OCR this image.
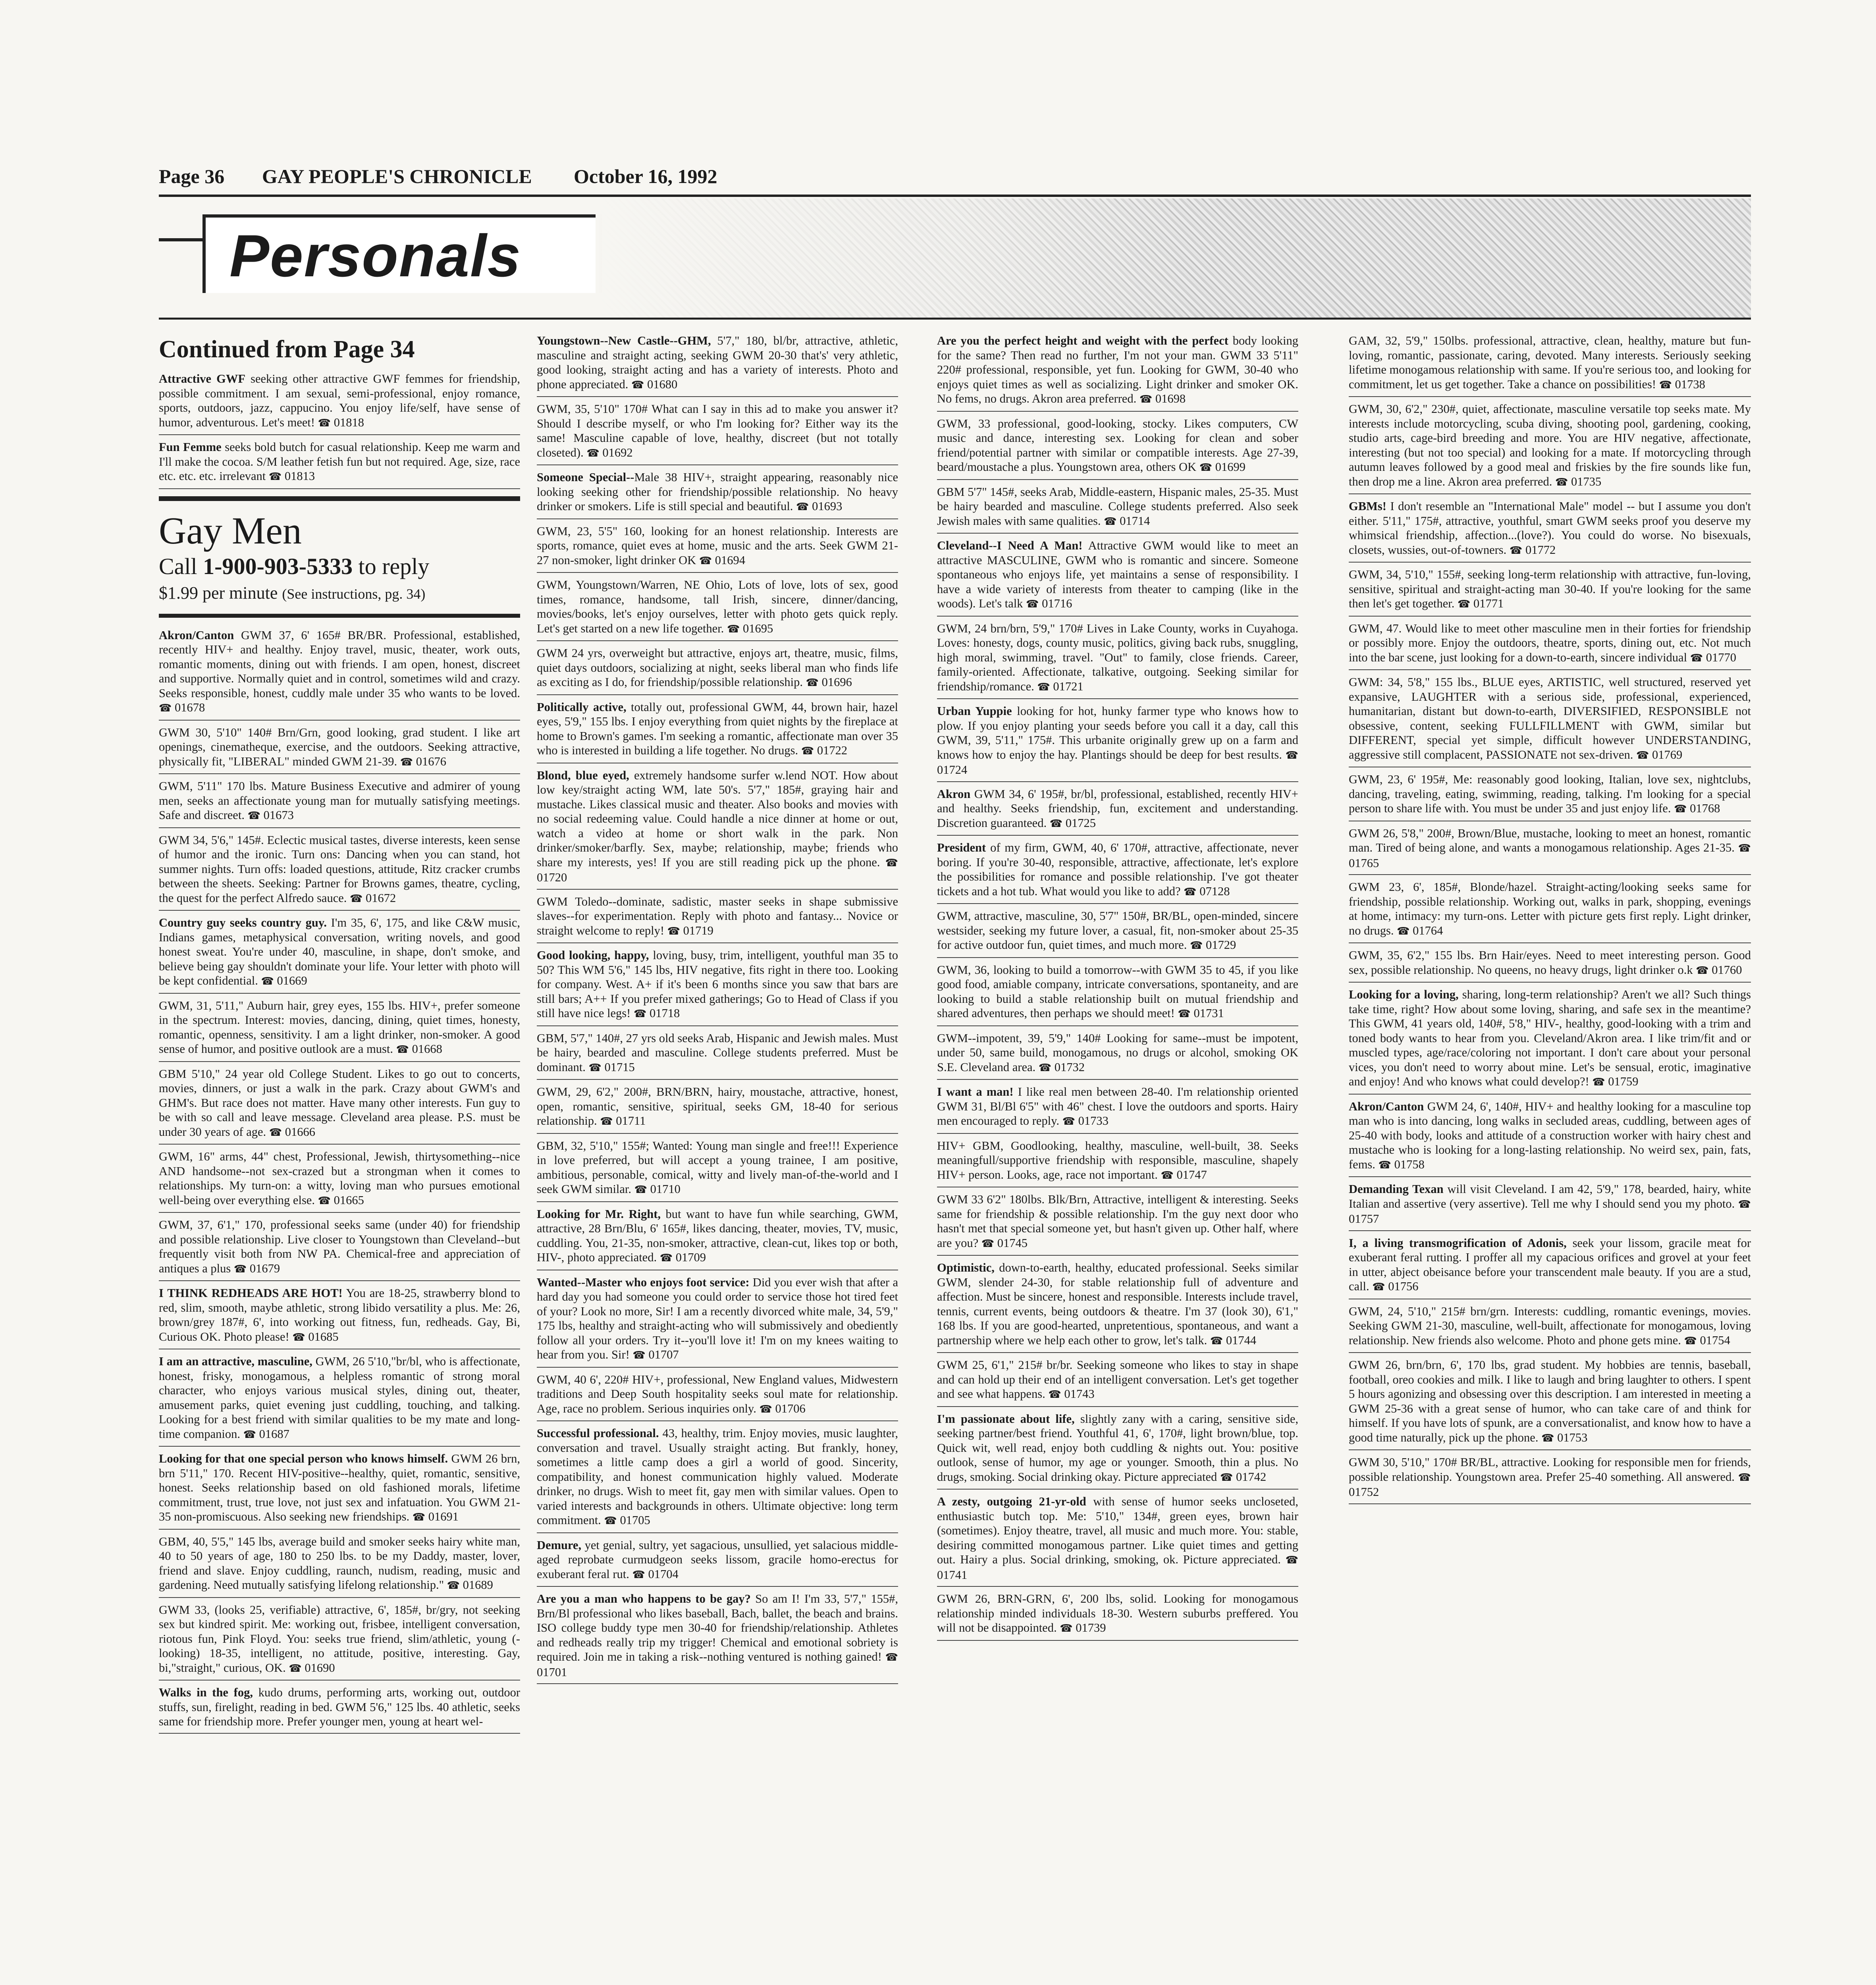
Page 36 GAY PEOPLE'S CHRONICLE October 16, 1992
Personals
Continued from Page 34

Attractive GWF seeking other attractive GWF femmes for friendship, possible commitment. I am sexual, semi-professional, enjoy romance, sports, outdoors, jazz, cappucino. You enjoy life/self, have sense of humor, adventurous. Let's meet! ☎ 01818

Fun Femme seeks bold butch for casual relationship. Keep me warm and I'll make the cocoa. S/M leather fetish fun but not required. Age, size, race etc. etc. etc. irrelevant ☎ 01813

Gay Men
Call 1-900-903-5333 to reply
$1.99 per minute (See instructions, pg. 34)

Akron/Canton GWM 37, 6' 165# BR/BR. Professional, established, recently HIV+ and healthy. Enjoy travel, music, theater, work outs, romantic moments, dining out with friends. I am open, honest, discreet and supportive. Normally quiet and in control, sometimes wild and crazy. Seeks responsible, honest, cuddly male under 35 who wants to be loved. ☎ 01678

GWM 30, 5'10" 140# Brn/Grn, good looking, grad student. I like art openings, cinematheque, exercise, and the outdoors. Seeking attractive, physically fit, "LIBERAL" minded GWM 21-39. ☎ 01676

GWM, 5'11" 170 lbs. Mature Business Executive and admirer of young men, seeks an affectionate young man for mutually satisfying meetings. Safe and discreet. ☎ 01673

GWM 34, 5'6," 145#. Eclectic musical tastes, diverse interests, keen sense of humor and the ironic. Turn ons: Dancing when you can stand, hot summer nights. Turn offs: loaded questions, attitude, Ritz cracker crumbs between the sheets. Seeking: Partner for Browns games, theatre, cycling, the quest for the perfect Alfredo sauce. ☎ 01672

Country guy seeks country guy. I'm 35, 6', 175, and like C&W music, Indians games, metaphysical conversation, writing novels, and good honest sweat. You're under 40, masculine, in shape, don't smoke, and believe being gay shouldn't dominate your life. Your letter with photo will be kept confidential. ☎ 01669

GWM, 31, 5'11," Auburn hair, grey eyes, 155 lbs. HIV+, prefer someone in the spectrum. Interest: movies, dancing, dining, quiet times, honesty, romantic, openness, sensitivity. I am a light drinker, non-smoker. A good sense of humor, and positive outlook are a must. ☎ 01668

GBM 5'10," 24 year old College Student. Likes to go out to concerts, movies, dinners, or just a walk in the park. Crazy about GWM's and GHM's. But race does not matter. Have many other interests. Fun guy to be with so call and leave message. Cleveland area please. P.S. must be under 30 years of age. ☎ 01666

GWM, 16" arms, 44" chest, Professional, Jewish, thirtysomething--nice AND handsome--not sex-crazed but a strongman when it comes to relationships. My turn-on: a witty, loving man who pursues emotional well-being over everything else. ☎ 01665

GWM, 37, 6'1," 170, professional seeks same (under 40) for friendship and possible relationship. Live closer to Youngstown than Cleveland--but frequently visit both from NW PA. Chemical-free and appreciation of antiques a plus ☎ 01679

I THINK REDHEADS ARE HOT! You are 18-25, strawberry blond to red, slim, smooth, maybe athletic, strong libido versatility a plus. Me: 26, brown/grey 187#, 6', into working out fitness, fun, redheads. Gay, Bi, Curious OK. Photo please! ☎ 01685

I am an attractive, masculine, GWM, 26 5'10,"br/bl, who is affectionate, honest, frisky, monogamous, a helpless romantic of strong moral character, who enjoys various musical styles, dining out, theater, amusement parks, quiet evening just cuddling, touching, and talking. Looking for a best friend with similar qualities to be my mate and long-time companion. ☎ 01687

Looking for that one special person who knows himself. GWM 26 brn, brn 5'11," 170. Recent HIV-positive--healthy, quiet, romantic, sensitive, honest. Seeks relationship based on old fashioned morals, lifetime commitment, trust, true love, not just sex and infatuation. You GWM 21-35 non-promiscuous. Also seeking new friendships. ☎ 01691

GBM, 40, 5'5," 145 lbs, average build and smoker seeks hairy white man, 40 to 50 years of age, 180 to 250 lbs. to be my Daddy, master, lover, friend and slave. Enjoy cuddling, raunch, nudism, reading, music and gardening. Need mutually satisfying lifelong relationship." ☎ 01689

GWM 33, (looks 25, verifiable) attractive, 6', 185#, br/gry, not seeking sex but kindred spirit. Me: working out, frisbee, intelligent conversation, riotous fun, Pink Floyd. You: seeks true friend, slim/athletic, young (-looking) 18-35, intelligent, no attitude, positive, interesting. Gay, bi,"straight," curious, OK. ☎ 01690

Walks in the fog, kudo drums, performing arts, working out, outdoor stuffs, sun, firelight, reading in bed. GWM 5'6," 125 lbs. 40 athletic, seeks same for friendship more. Prefer younger men, young at heart wel-

Youngstown--New Castle--GHM, 5'7," 180, bl/br, attractive, athletic, masculine and straight acting, seeking GWM 20-30 that's' very athletic, good looking, straight acting and has a variety of interests. Photo and phone appreciated. ☎ 01680

GWM, 35, 5'10" 170# What can I say in this ad to make you answer it? Should I describe myself, or who I'm looking for? Either way its the same! Masculine capable of love, healthy, discreet (but not totally closeted). ☎ 01692

Someone Special--Male 38 HIV+, straight appearing, reasonably nice looking seeking other for friendship/possible relationship. No heavy drinker or smokers. Life is still special and beautiful. ☎ 01693

GWM, 23, 5'5" 160, looking for an honest relationship. Interests are sports, romance, quiet eves at home, music and the arts. Seek GWM 21-27 non-smoker, light drinker OK ☎ 01694

GWM, Youngstown/Warren, NE Ohio, Lots of love, lots of sex, good times, romance, handsome, tall Irish, sincere, dinner/dancing, movies/books, let's enjoy ourselves, letter with photo gets quick reply. Let's get started on a new life together. ☎ 01695

GWM 24 yrs, overweight but attractive, enjoys art, theatre, music, films, quiet days outdoors, socializing at night, seeks liberal man who finds life as exciting as I do, for friendship/possible relationship. ☎ 01696

Politically active, totally out, professional GWM, 44, brown hair, hazel eyes, 5'9," 155 lbs. I enjoy everything from quiet nights by the fireplace at home to Brown's games. I'm seeking a romantic, affectionate man over 35 who is interested in building a life together. No drugs. ☎ 01722

Blond, blue eyed, extremely handsome surfer w.lend NOT. How about low key/straight acting WM, late 50's. 5'7," 185#, graying hair and mustache. Likes classical music and theater. Also books and movies with no social redeeming value. Could handle a nice dinner at home or out, watch a video at home or short walk in the park. Non drinker/smoker/barfly. Sex, maybe; relationship, maybe; friends who share my interests, yes! If you are still reading pick up the phone. ☎ 01720

GWM Toledo--dominate, sadistic, master seeks in shape submissive slaves--for experimentation. Reply with photo and fantasy... Novice or straight welcome to reply! ☎ 01719

Good looking, happy, loving, busy, trim, intelligent, youthful man 35 to 50? This WM 5'6," 145 lbs, HIV negative, fits right in there too. Looking for company. West. A+ if it's been 6 months since you saw that bars are still bars; A++ If you prefer mixed gatherings; Go to Head of Class if you still have nice legs! ☎ 01718

GBM, 5'7," 140#, 27 yrs old seeks Arab, Hispanic and Jewish males. Must be hairy, bearded and masculine. College students preferred. Must be dominant. ☎ 01715

GWM, 29, 6'2," 200#, BRN/BRN, hairy, moustache, attractive, honest, open, romantic, sensitive, spiritual, seeks GM, 18-40 for serious relationship. ☎ 01711

GBM, 32, 5'10," 155#; Wanted: Young man single and free!!! Experience in love preferred, but will accept a young trainee, I am positive, ambitious, personable, comical, witty and lively man-of-the-world and I seek GWM similar. ☎ 01710

Looking for Mr. Right, but want to have fun while searching, GWM, attractive, 28 Brn/Blu, 6' 165#, likes dancing, theater, movies, TV, music, cuddling. You, 21-35, non-smoker, attractive, clean-cut, likes top or both, HIV-, photo appreciated. ☎ 01709

Wanted--Master who enjoys foot service: Did you ever wish that after a hard day you had someone you could order to service those hot tired feet of your? Look no more, Sir! I am a recently divorced white male, 34, 5'9," 175 lbs, healthy and straight-acting who will submissively and obediently follow all your orders. Try it--you'll love it! I'm on my knees waiting to hear from you. Sir! ☎ 01707

GWM, 40 6', 220# HIV+, professional, New England values, Midwestern traditions and Deep South hospitality seeks soul mate for relationship. Age, race no problem. Serious inquiries only. ☎ 01706

Successful professional. 43, healthy, trim. Enjoy movies, music laughter, conversation and travel. Usually straight acting. But frankly, honey, sometimes a little camp does a girl a world of good. Sincerity, compatibility, and honest communication highly valued. Moderate drinker, no drugs. Wish to meet fit, gay men with similar values. Open to varied interests and backgrounds in others. Ultimate objective: long term commitment. ☎ 01705

Demure, yet genial, sultry, yet sagacious, unsullied, yet salacious middle-aged reprobate curmudgeon seeks lissom, gracile homo-erectus for exuberant feral rut. ☎ 01704

Are you a man who happens to be gay? So am I! I'm 33, 5'7," 155#, Brn/Bl professional who likes baseball, Bach, ballet, the beach and brains. ISO college buddy type men 30-40 for friendship/relationship. Athletes and redheads really trip my trigger! Chemical and emotional sobriety is required. Join me in taking a risk--nothing ventured is nothing gained! ☎ 01701

Are you the perfect height and weight with the perfect body looking for the same? Then read no further, I'm not your man. GWM 33 5'11" 220# professional, responsible, yet fun. Looking for GWM, 30-40 who enjoys quiet times as well as socializing. Light drinker and smoker OK. No fems, no drugs. Akron area preferred. ☎ 01698

GWM, 33 professional, good-looking, stocky. Likes computers, CW music and dance, interesting sex. Looking for clean and sober friend/potential partner with similar or compatible interests. Age 27-39, beard/moustache a plus. Youngstown area, others OK ☎ 01699

GBM 5'7" 145#, seeks Arab, Middle-eastern, Hispanic males, 25-35. Must be hairy bearded and masculine. College students preferred. Also seek Jewish males with same qualities. ☎ 01714

Cleveland--I Need A Man! Attractive GWM would like to meet an attractive MASCULINE, GWM who is romantic and sincere. Someone spontaneous who enjoys life, yet maintains a sense of responsibility. I have a wide variety of interests from theater to camping (like in the woods). Let's talk ☎ 01716

GWM, 24 brn/brn, 5'9," 170# Lives in Lake County, works in Cuyahoga. Loves: honesty, dogs, county music, politics, giving back rubs, snuggling, high moral, swimming, travel. "Out" to family, close friends. Career, family-oriented. Affectionate, talkative, outgoing. Seeking similar for friendship/romance. ☎ 01721

Urban Yuppie looking for hot, hunky farmer type who knows how to plow. If you enjoy planting your seeds before you call it a day, call this GWM, 39, 5'11," 175#. This urbanite originally grew up on a farm and knows how to enjoy the hay. Plantings should be deep for best results. ☎ 01724

Akron GWM 34, 6' 195#, br/bl, professional, established, recently HIV+ and healthy. Seeks friendship, fun, excitement and understanding. Discretion guaranteed. ☎ 01725

President of my firm, GWM, 40, 6' 170#, attractive, affectionate, never boring. If you're 30-40, responsible, attractive, affectionate, let's explore the possibilities for romance and possible relationship. I've got theater tickets and a hot tub. What would you like to add? ☎ 07128

GWM, attractive, masculine, 30, 5'7" 150#, BR/BL, open-minded, sincere westsider, seeking my future lover, a casual, fit, non-smoker about 25-35 for active outdoor fun, quiet times, and much more. ☎ 01729

GWM, 36, looking to build a tomorrow--with GWM 35 to 45, if you like good food, amiable company, intricate conversations, spontaneity, and are looking to build a stable relationship built on mutual friendship and shared adventures, then perhaps we should meet! ☎ 01731

GWM--impotent, 39, 5'9," 140# Looking for same--must be impotent, under 50, same build, monogamous, no drugs or alcohol, smoking OK S.E. Cleveland area. ☎ 01732

I want a man! I like real men between 28-40. I'm relationship oriented GWM 31, Bl/Bl 6'5" with 46" chest. I love the outdoors and sports. Hairy men encouraged to reply. ☎ 01733

HIV+ GBM, Goodlooking, healthy, masculine, well-built, 38. Seeks meaningfull/supportive friendship with responsible, masculine, shapely HIV+ person. Looks, age, race not important. ☎ 01747

GWM 33 6'2" 180lbs. Blk/Brn, Attractive, intelligent & interesting. Seeks same for friendship & possible relationship. I'm the guy next door who hasn't met that special someone yet, but hasn't given up. Other half, where are you? ☎ 01745

Optimistic, down-to-earth, healthy, educated professional. Seeks similar GWM, slender 24-30, for stable relationship full of adventure and affection. Must be sincere, honest and responsible. Interests include travel, tennis, current events, being outdoors & theatre. I'm 37 (look 30), 6'1," 168 lbs. If you are good-hearted, unpretentious, spontaneous, and want a partnership where we help each other to grow, let's talk. ☎ 01744

GWM 25, 6'1," 215# br/br. Seeking someone who likes to stay in shape and can hold up their end of an intelligent conversation. Let's get together and see what happens. ☎ 01743

I'm passionate about life, slightly zany with a caring, sensitive side, seeking partner/best friend. Youthful 41, 6', 170#, light brown/blue, top. Quick wit, well read, enjoy both cuddling & nights out. You: positive outlook, sense of humor, my age or younger. Smooth, thin a plus. No drugs, smoking. Social drinking okay. Picture appreciated ☎ 01742

A zesty, outgoing 21-yr-old with sense of humor seeks uncloseted, enthusiastic butch top. Me: 5'10," 134#, green eyes, brown hair (sometimes). Enjoy theatre, travel, all music and much more. You: stable, desiring committed monogamous partner. Like quiet times and getting out. Hairy a plus. Social drinking, smoking, ok. Picture appreciated. ☎ 01741

GWM 26, BRN-GRN, 6', 200 lbs, solid. Looking for monogamous relationship minded individuals 18-30. Western suburbs preffered. You will not be disappointed. ☎ 01739

GAM, 32, 5'9," 150lbs. professional, attractive, clean, healthy, mature but fun-loving, romantic, passionate, caring, devoted. Many interests. Seriously seeking lifetime monogamous relationship with same. If you're serious too, and looking for commitment, let us get together. Take a chance on possibilities! ☎ 01738

GWM, 30, 6'2," 230#, quiet, affectionate, masculine versatile top seeks mate. My interests include motorcycling, scuba diving, shooting pool, gardening, cooking, studio arts, cage-bird breeding and more. You are HIV negative, affectionate, interesting (but not too special) and looking for a mate. If motorcycling through autumn leaves followed by a good meal and friskies by the fire sounds like fun, then drop me a line. Akron area preferred. ☎ 01735

GBMs! I don't resemble an "International Male" model -- but I assume you don't either. 5'11," 175#, attractive, youthful, smart GWM seeks proof you deserve my whimsical friendship, affection...(love?). You could do worse. No bisexuals, closets, wussies, out-of-towners. ☎ 01772

GWM, 34, 5'10," 155#, seeking long-term relationship with attractive, fun-loving, sensitive, spiritual and straight-acting man 30-40. If you're looking for the same then let's get together. ☎ 01771

GWM, 47. Would like to meet other masculine men in their forties for friendship or possibly more. Enjoy the outdoors, theatre, sports, dining out, etc. Not much into the bar scene, just looking for a down-to-earth, sincere individual ☎ 01770

GWM: 34, 5'8," 155 lbs., BLUE eyes, ARTISTIC, well structured, reserved yet expansive, LAUGHTER with a serious side, professional, experienced, humanitarian, distant but down-to-earth, DIVERSIFIED, RESPONSIBLE not obsessive, content, seeking FULLFILLMENT with GWM, similar but DIFFERENT, special yet simple, difficult however UNDERSTANDING, aggressive still complacent, PASSIONATE not sex-driven. ☎ 01769

GWM, 23, 6' 195#, Me: reasonably good looking, Italian, love sex, nightclubs, dancing, traveling, eating, swimming, reading, talking. I'm looking for a special person to share life with. You must be under 35 and just enjoy life. ☎ 01768

GWM 26, 5'8," 200#, Brown/Blue, mustache, looking to meet an honest, romantic man. Tired of being alone, and wants a monogamous relationship. Ages 21-35. ☎ 01765

GWM 23, 6', 185#, Blonde/hazel. Straight-acting/looking seeks same for friendship, possible relationship. Working out, walks in park, shopping, evenings at home, intimacy: my turn-ons. Letter with picture gets first reply. Light drinker, no drugs. ☎ 01764

GWM, 35, 6'2," 155 lbs. Brn Hair/eyes. Need to meet interesting person. Good sex, possible relationship. No queens, no heavy drugs, light drinker o.k ☎ 01760

Looking for a loving, sharing, long-term relationship? Aren't we all? Such things take time, right? How about some loving, sharing, and safe sex in the meantime? This GWM, 41 years old, 140#, 5'8," HIV-, healthy, good-looking with a trim and toned body wants to hear from you. Cleveland/Akron area. I like trim/fit and or muscled types, age/race/coloring not important. I don't care about your personal vices, you don't need to worry about mine. Let's be sensual, erotic, imaginative and enjoy! And who knows what could develop?! ☎ 01759

Akron/Canton GWM 24, 6', 140#, HIV+ and healthy looking for a masculine top man who is into dancing, long walks in secluded areas, cuddling, between ages of 25-40 with body, looks and attitude of a construction worker with hairy chest and mustache who is looking for a long-lasting relationship. No weird sex, pain, fats, fems. ☎ 01758

Demanding Texan will visit Cleveland. I am 42, 5'9," 178, bearded, hairy, white Italian and assertive (very assertive). Tell me why I should send you my photo. ☎ 01757

I, a living transmogrification of Adonis, seek your lissom, gracile meat for exuberant feral rutting. I proffer all my capacious orifices and grovel at your feet in utter, abject obeisance before your transcendent male beauty. If you are a stud, call. ☎ 01756

GWM, 24, 5'10," 215# brn/grn. Interests: cuddling, romantic evenings, movies. Seeking GWM 21-30, masculine, well-built, affectionate for monogamous, loving relationship. New friends also welcome. Photo and phone gets mine. ☎ 01754

GWM 26, brn/brn, 6', 170 lbs, grad student. My hobbies are tennis, baseball, football, oreo cookies and milk. I like to laugh and bring laughter to others. I spent 5 hours agonizing and obsessing over this description. I am interested in meeting a GWM 25-36 with a great sense of humor, who can take care of and think for himself. If you have lots of spunk, are a conversationalist, and know how to have a good time naturally, pick up the phone. ☎ 01753

GWM 30, 5'10," 170# BR/BL, attractive. Looking for responsible men for friends, possible relationship. Youngstown area. Prefer 25-40 something. All answered. ☎ 01752
